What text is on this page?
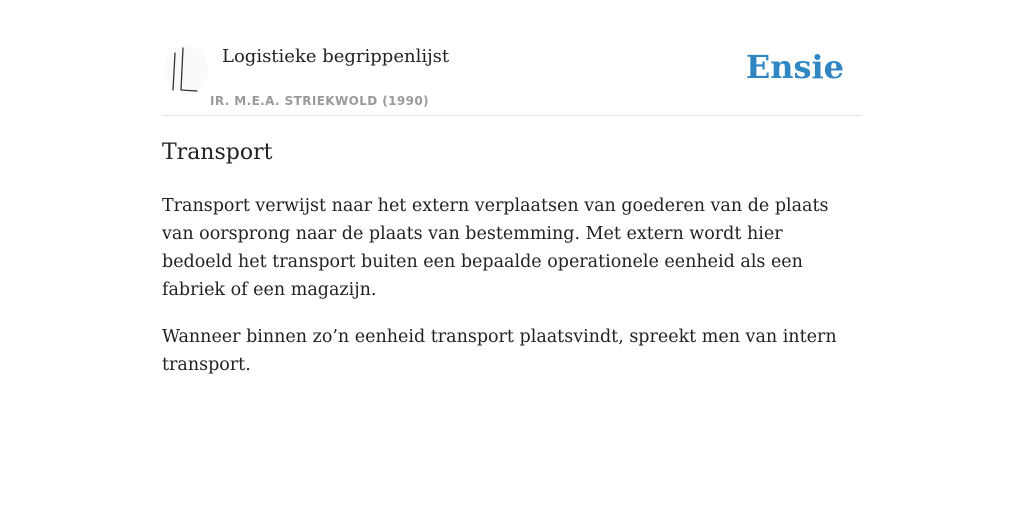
Logistieke begrippenlijst
IR. M.E.A. STRIEKWOLD (1990)
Ensie
Transport

Transport verwijst naar het extern verplaatsen van goederen van de plaats van oorsprong naar de plaats van bestemming. Met extern wordt hier bedoeld het transport buiten een bepaalde operationele eenheid als een fabriek of een magazijn.

Wanneer binnen zo’n eenheid transport plaatsvindt, spreekt men van intern transport.
